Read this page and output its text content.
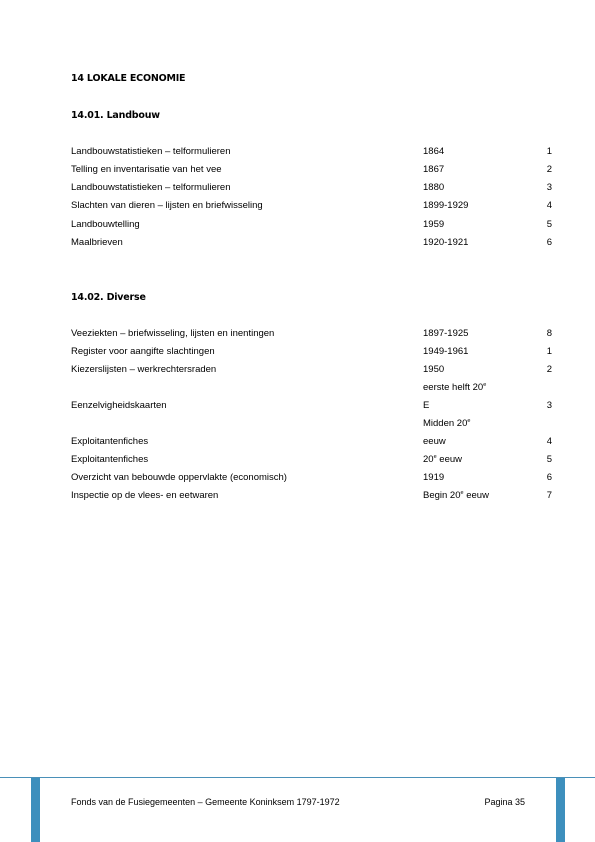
14 LOKALE ECONOMIE
14.01. Landbouw
Landbouwstatistieken – telformulieren	1864	1
Telling en inventarisatie van het vee	1867	2
Landbouwstatistieken – telformulieren	1880	3
Slachten van dieren – lijsten en briefwisseling	1899-1929	4
Landbouwtelling	1959	5
Maalbrieven	1920-1921	6
14.02. Diverse
Veeziekten – briefwisseling, lijsten en inentingen	1897-1925	8
Register voor aangifte slachtingen	1949-1961	1
Kiezerslijsten – werkrechtersraden	1950	2
eerste helft 20e
Eenzelvigheidskaarten	E	3
Midden 20e
Exploitantenfiches	eeuw	4
Exploitantenfiches	20e eeuw	5
Overzicht van bebouwde oppervlakte (economisch)	1919	6
Inspectie op de vlees- en eetwaren	Begin 20e eeuw	7
Fonds van de Fusiegemeenten – Gemeente Koninksem 1797-1972	Pagina 35
